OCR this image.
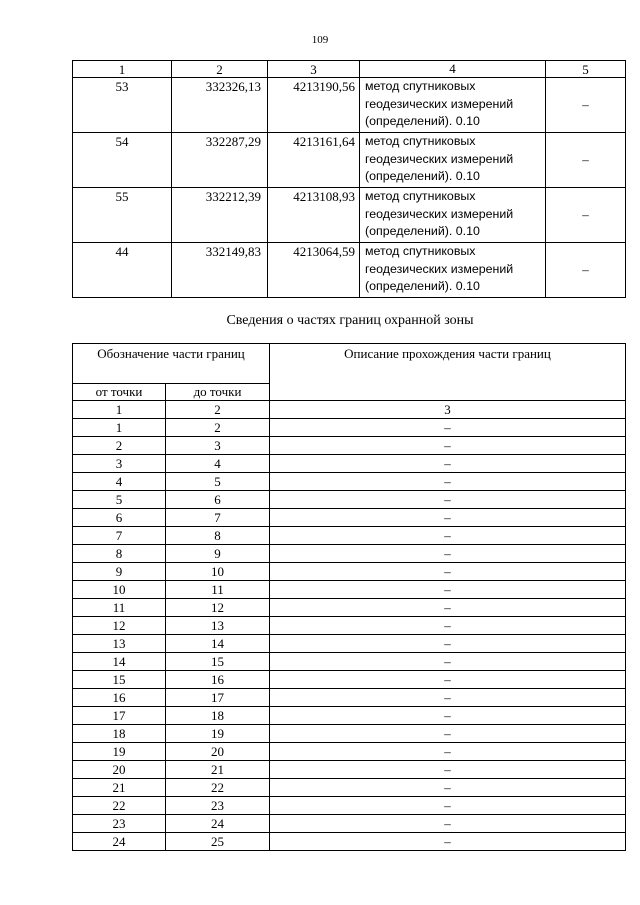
109
1	2	3	4	5
53	332326,13	4213190,56	метод спутниковых
геодезических измерений
(определений). 0.10	–
54	332287,29	4213161,64	метод спутниковых
геодезических измерений
(определений). 0.10	–
55	332212,39	4213108,93	метод спутниковых
геодезических измерений
(определений). 0.10	–
44	332149,83	4213064,59	метод спутниковых
геодезических измерений
(определений). 0.10	–
Сведения о частях границ охранной зоны
Обозначение части границ		Описание прохождения части границ
от точки	до точки	
1	2	3
1	2	–
2	3	–
3	4	–
4	5	–
5	6	–
6	7	–
7	8	–
8	9	–
9	10	–
10	11	–
11	12	–
12	13	–
13	14	–
14	15	–
15	16	–
16	17	–
17	18	–
18	19	–
19	20	–
20	21	–
21	22	–
22	23	–
23	24	–
24	25	–
